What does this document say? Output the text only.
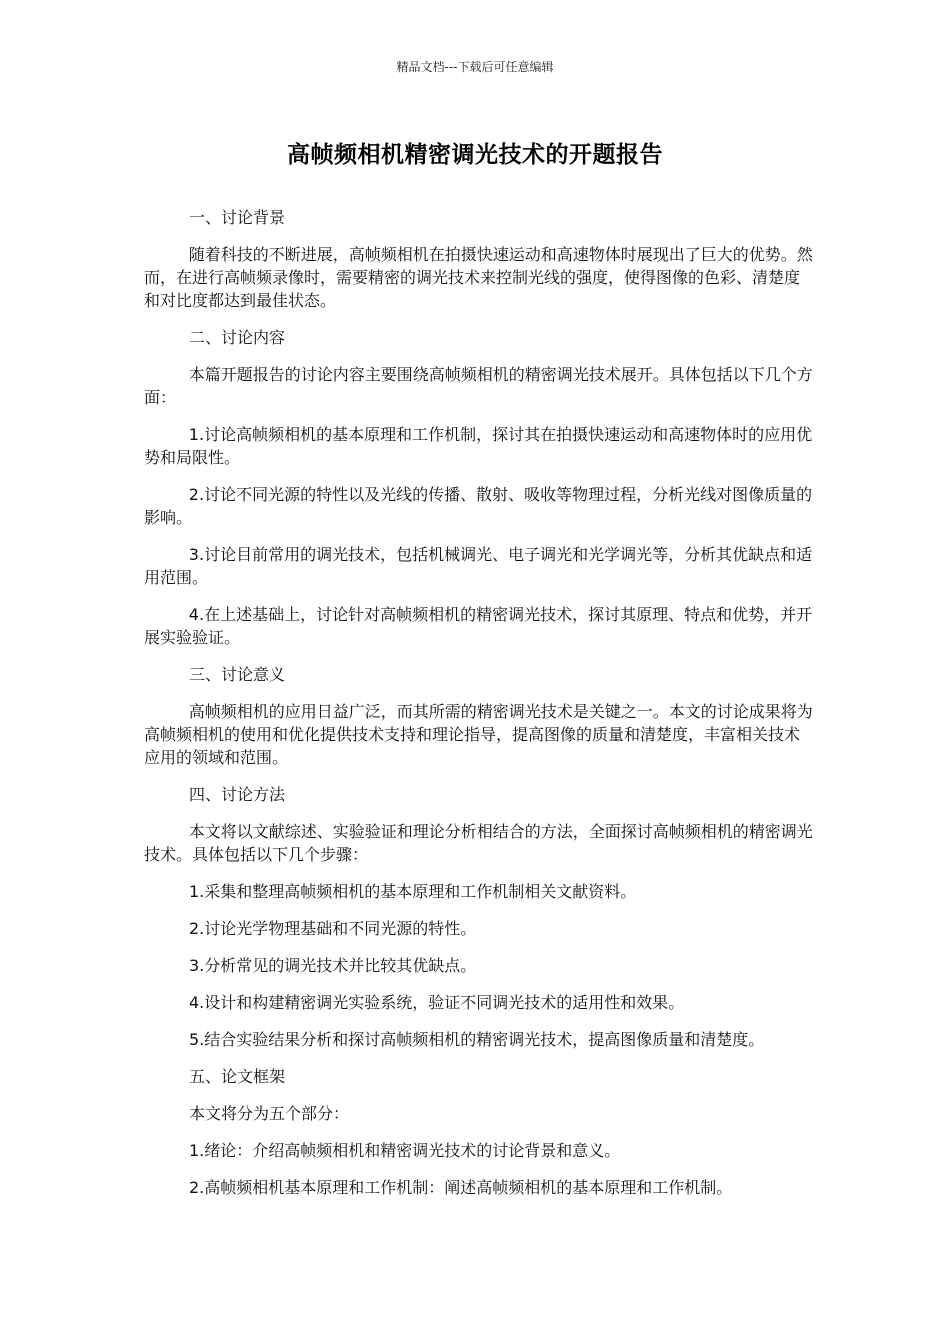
精品文档---下载后可任意编辑
高帧频相机精密调光技术的开题报告
一、讨论背景
随着科技的不断进展，高帧频相机在拍摄快速运动和高速物体时展现出了巨大的优势。然而，在进行高帧频录像时，需要精密的调光技术来控制光线的强度，使得图像的色彩、清楚度和对比度都达到最佳状态。
二、讨论内容
本篇开题报告的讨论内容主要围绕高帧频相机的精密调光技术展开。具体包括以下几个方面：
1.讨论高帧频相机的基本原理和工作机制，探讨其在拍摄快速运动和高速物体时的应用优势和局限性。
2.讨论不同光源的特性以及光线的传播、散射、吸收等物理过程，分析光线对图像质量的影响。
3.讨论目前常用的调光技术，包括机械调光、电子调光和光学调光等，分析其优缺点和适用范围。
4.在上述基础上，讨论针对高帧频相机的精密调光技术，探讨其原理、特点和优势，并开展实验验证。
三、讨论意义
高帧频相机的应用日益广泛，而其所需的精密调光技术是关键之一。本文的讨论成果将为高帧频相机的使用和优化提供技术支持和理论指导，提高图像的质量和清楚度，丰富相关技术应用的领域和范围。
四、讨论方法
本文将以文献综述、实验验证和理论分析相结合的方法，全面探讨高帧频相机的精密调光技术。具体包括以下几个步骤：
1.采集和整理高帧频相机的基本原理和工作机制相关文献资料。
2.讨论光学物理基础和不同光源的特性。
3.分析常见的调光技术并比较其优缺点。
4.设计和构建精密调光实验系统，验证不同调光技术的适用性和效果。
5.结合实验结果分析和探讨高帧频相机的精密调光技术，提高图像质量和清楚度。
五、论文框架
本文将分为五个部分：
1.绪论：介绍高帧频相机和精密调光技术的讨论背景和意义。
2.高帧频相机基本原理和工作机制：阐述高帧频相机的基本原理和工作机制。
